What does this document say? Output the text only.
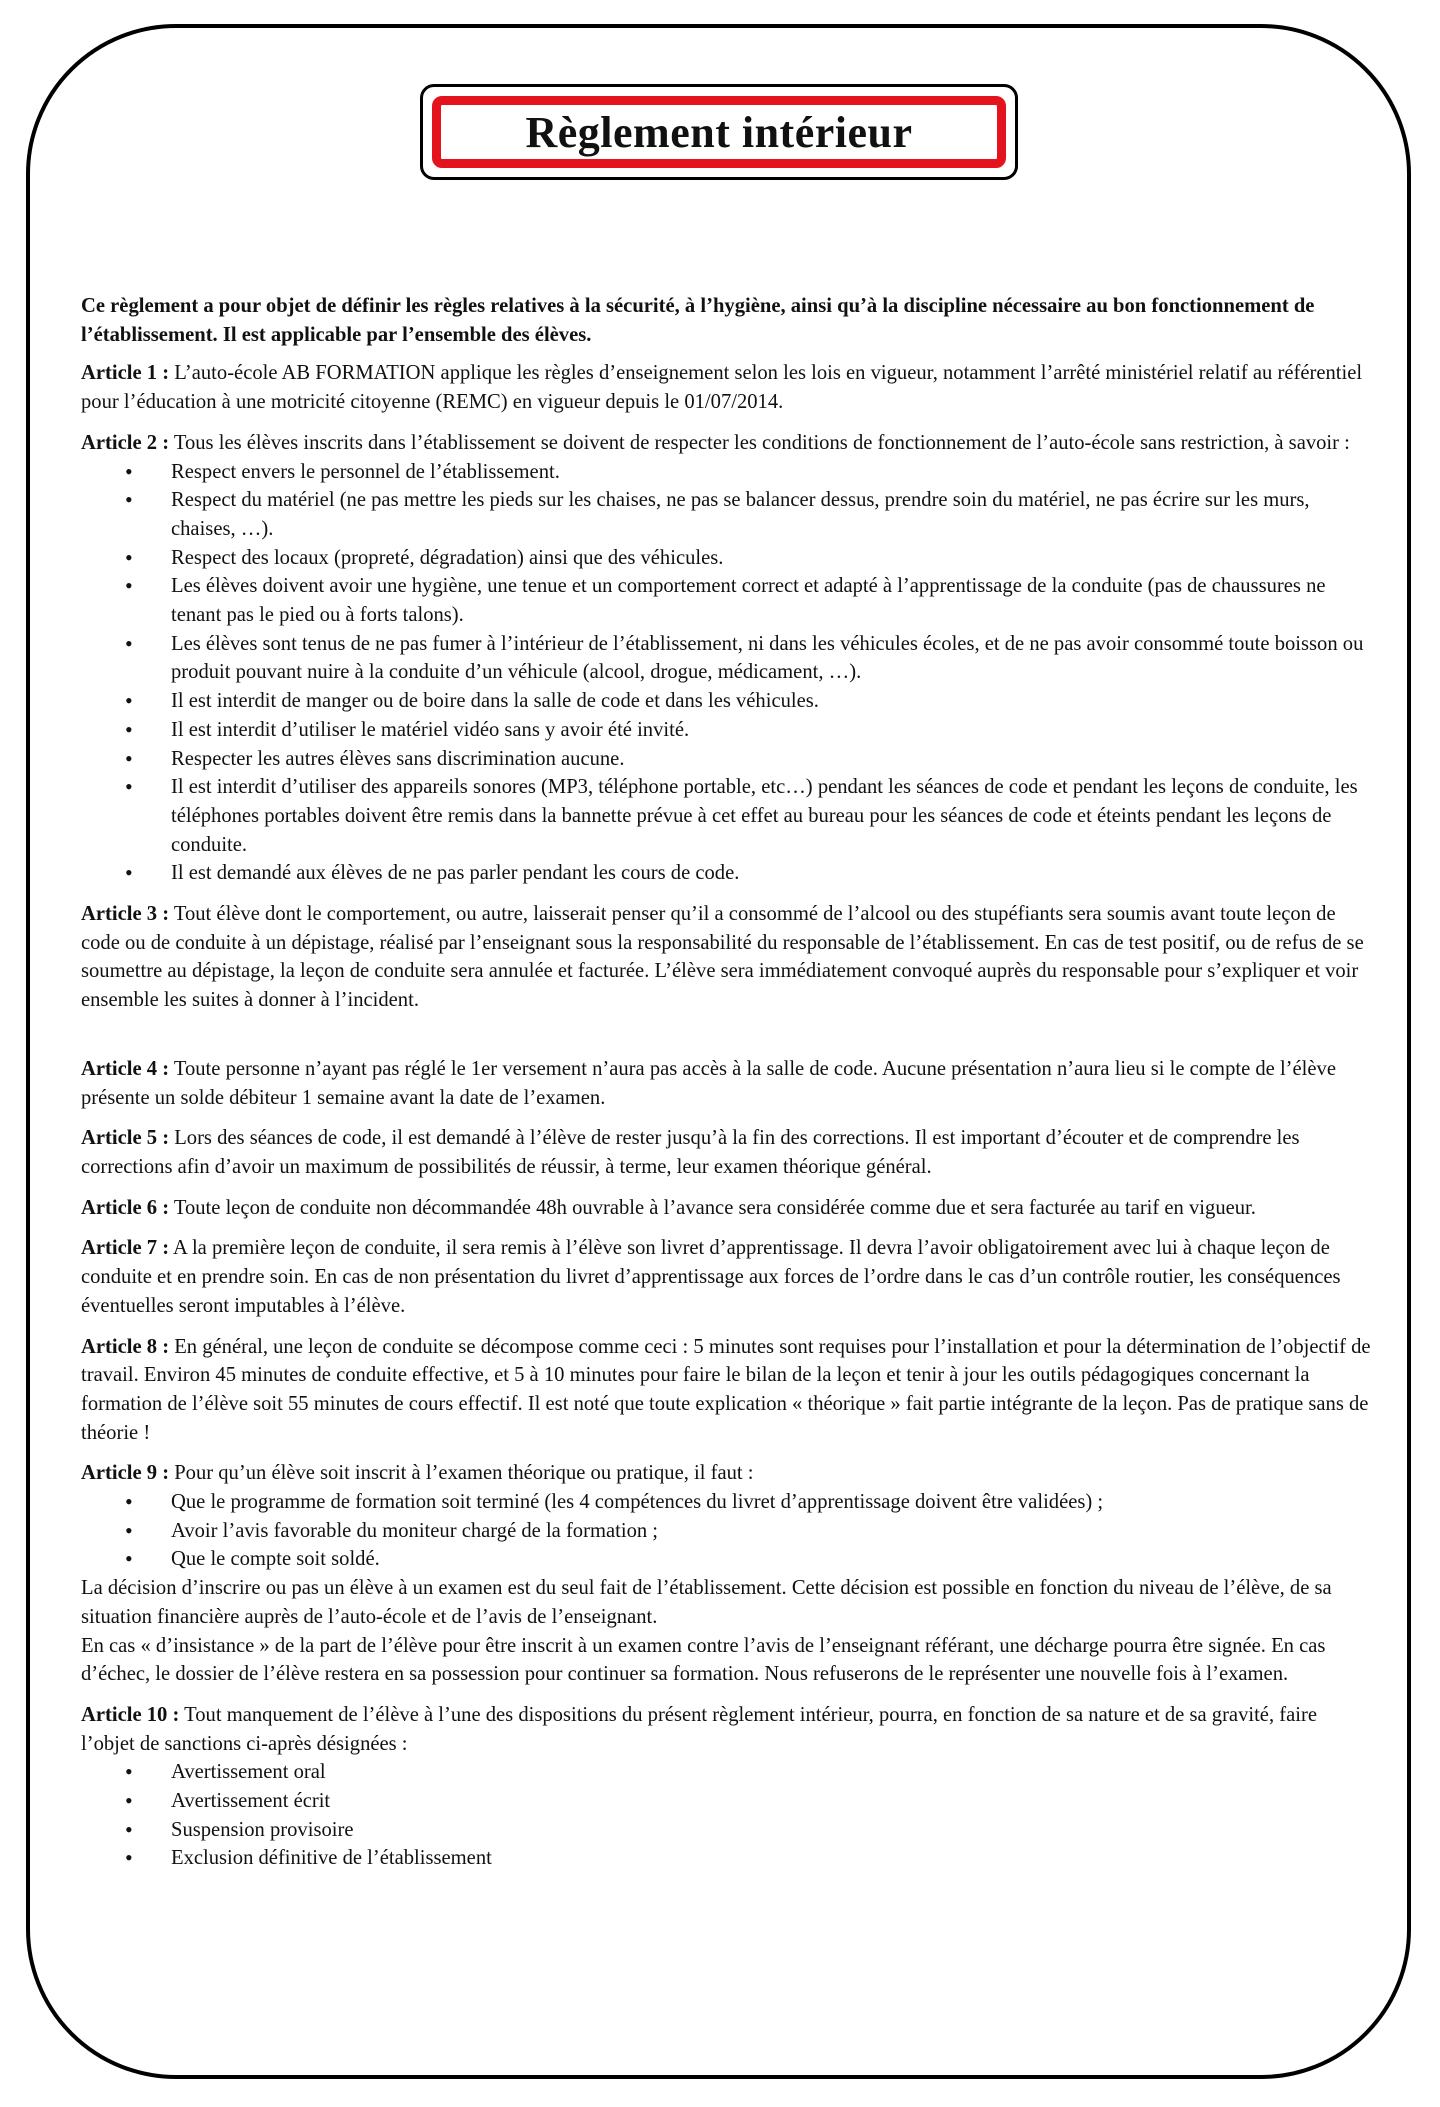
Règlement intérieur

Ce règlement a pour objet de définir les règles relatives à la sécurité, à l’hygiène, ainsi qu’à la discipline nécessaire au bon fonctionnement de l’établissement. Il est applicable par l’ensemble des élèves.

Article 1 : L’auto-école AB FORMATION applique les règles d’enseignement selon les lois en vigueur, notamment l’arrêté ministériel relatif au référentiel pour l’éducation à une motricité citoyenne (REMC) en vigueur depuis le 01/07/2014.

Article 2 : Tous les élèves inscrits dans l’établissement se doivent de respecter les conditions de fonctionnement de l’auto-école sans restriction, à savoir :

• Respect envers le personnel de l’établissement.
• Respect du matériel (ne pas mettre les pieds sur les chaises, ne pas se balancer dessus, prendre soin du matériel, ne pas écrire sur les murs, chaises, …).
• Respect des locaux (propreté, dégradation) ainsi que des véhicules.
• Les élèves doivent avoir une hygiène, une tenue et un comportement correct et adapté à l’apprentissage de la conduite (pas de chaussures ne tenant pas le pied ou à forts talons).
• Les élèves sont tenus de ne pas fumer à l’intérieur de l’établissement, ni dans les véhicules écoles, et de ne pas avoir consommé toute boisson ou produit pouvant nuire à la conduite d’un véhicule (alcool, drogue, médicament, …).
• Il est interdit de manger ou de boire dans la salle de code et dans les véhicules.
• Il est interdit d’utiliser le matériel vidéo sans y avoir été invité.
• Respecter les autres élèves sans discrimination aucune.
• Il est interdit d’utiliser des appareils sonores (MP3, téléphone portable, etc…) pendant les séances de code et pendant les leçons de conduite, les téléphones portables doivent être remis dans la bannette prévue à cet effet au bureau pour les séances de code et éteints pendant les leçons de conduite.
• Il est demandé aux élèves de ne pas parler pendant les cours de code.

Article 3 : Tout élève dont le comportement, ou autre, laisserait penser qu’il a consommé de l’alcool ou des stupéfiants sera soumis avant toute leçon de code ou de conduite à un dépistage, réalisé par l’enseignant sous la responsabilité du responsable de l’établissement. En cas de test positif, ou de refus de se soumettre au dépistage, la leçon de conduite sera annulée et facturée. L’élève sera immédiatement convoqué auprès du responsable pour s’expliquer et voir ensemble les suites à donner à l’incident.

Article 4 : Toute personne n’ayant pas réglé le 1er versement n’aura pas accès à la salle de code. Aucune présentation n’aura lieu si le compte de l’élève présente un solde débiteur 1 semaine avant la date de l’examen.

Article 5 : Lors des séances de code, il est demandé à l’élève de rester jusqu’à la fin des corrections. Il est important d’écouter et de comprendre les corrections afin d’avoir un maximum de possibilités de réussir, à terme, leur examen théorique général.

Article 6 : Toute leçon de conduite non décommandée 48h ouvrable à l’avance sera considérée comme due et sera facturée au tarif en vigueur.

Article 7 : A la première leçon de conduite, il sera remis à l’élève son livret d’apprentissage. Il devra l’avoir obligatoirement avec lui à chaque leçon de conduite et en prendre soin. En cas de non présentation du livret d’apprentissage aux forces de l’ordre dans le cas d’un contrôle routier, les conséquences éventuelles seront imputables à l’élève.

Article 8 : En général, une leçon de conduite se décompose comme ceci : 5 minutes sont requises pour l’installation et pour la détermination de l’objectif de travail. Environ 45 minutes de conduite effective, et 5 à 10 minutes pour faire le bilan de la leçon et tenir à jour les outils pédagogiques concernant la formation de l’élève soit 55 minutes de cours effectif. Il est noté que toute explication « théorique » fait partie intégrante de la leçon. Pas de pratique sans de théorie !

Article 9 : Pour qu’un élève soit inscrit à l’examen théorique ou pratique, il faut :

• Que le programme de formation soit terminé (les 4 compétences du livret d’apprentissage doivent être validées) ;
• Avoir l’avis favorable du moniteur chargé de la formation ;
• Que le compte soit soldé.

La décision d’inscrire ou pas un élève à un examen est du seul fait de l’établissement. Cette décision est possible en fonction du niveau de l’élève, de sa situation financière auprès de l’auto-école et de l’avis de l’enseignant.

En cas « d’insistance » de la part de l’élève pour être inscrit à un examen contre l’avis de l’enseignant référant, une décharge pourra être signée. En cas d’échec, le dossier de l’élève restera en sa possession pour continuer sa formation. Nous refuserons de le représenter une nouvelle fois à l’examen.

Article 10 : Tout manquement de l’élève à l’une des dispositions du présent règlement intérieur, pourra, en fonction de sa nature et de sa gravité, faire l’objet de sanctions ci-après désignées :

• Avertissement oral
• Avertissement écrit
• Suspension provisoire
• Exclusion définitive de l’établissement
